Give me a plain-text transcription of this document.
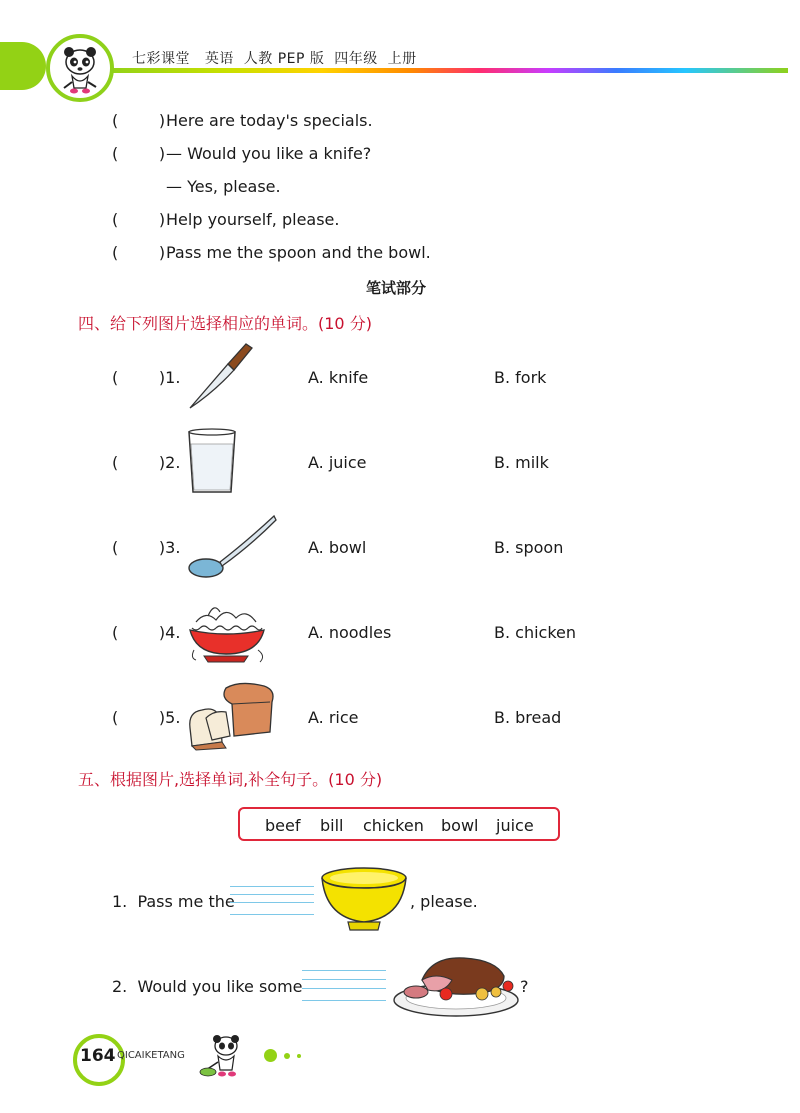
七彩课堂   英语  人教 PEP 版  四年级  上册
(        ) Here are today's specials.
(        ) — Would you like a knife?
— Yes, please.
(        ) Help yourself, please.
(        ) Pass me the spoon and the bowl.
笔试部分
四、给下列图片选择相应的单词。(10 分)
(        )1.	A. knife	B. fork
(        )2.	A. juice	B. milk
(        )3.	A. bowl	B. spoon
(        )4.	A. noodles	B. chicken
(        )5.	A. rice	B. bread
五、根据图片,选择单词,补全句子。(10 分)
beef bill chicken bowl juice
1.  Pass me the	, please.
2.  Would you like some	?
164 QICAIKETANG
